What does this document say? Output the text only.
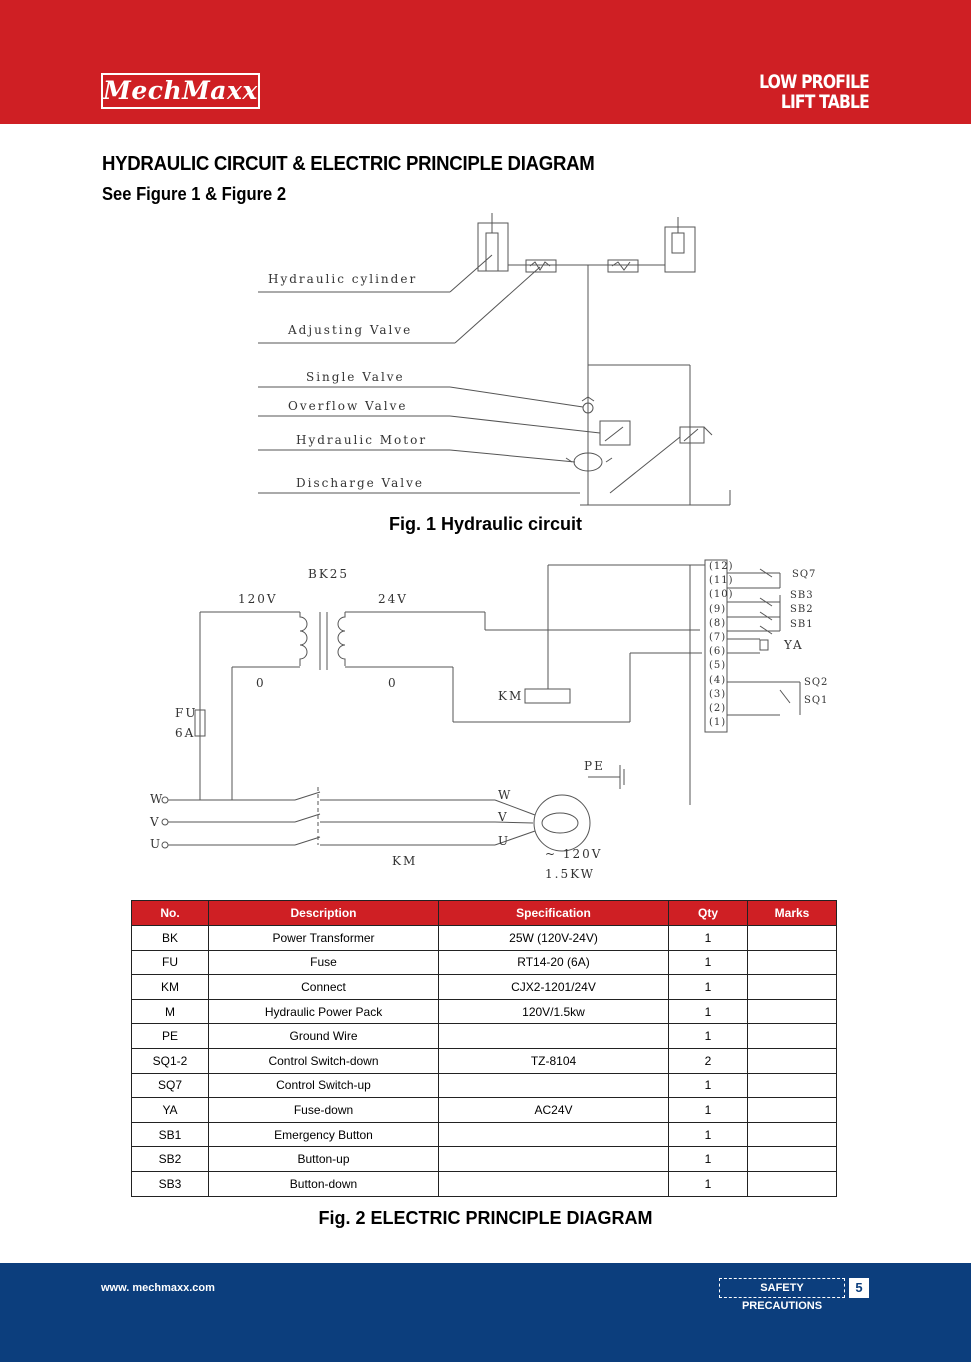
MechMaxx	LOW PROFILE
LIFT TABLE
HYDRAULIC CIRCUIT & ELECTRIC PRINCIPLE DIAGRAM
See Figure 1 & Figure 2
Hydraulic cylinder
Adjusting Valve
Single Valve
Overflow Valve
Hydraulic Motor
Discharge Valve
Fig. 1 Hydraulic circuit
BK25
120V	24V
0	0
FU
6A
KM
KM
PE
W
V
U
W
V
U
~ 120V
1.5KW
(12)
(11)
(10)
(9)
(8)
(7)
(6)
(5)
(4)
(3)
(2)
(1)
SQ7
SB3
SB2
SB1
YA
SQ2
SQ1
No.	Description	Specification	Qty	Marks
BK	Power Transformer	25W (120V-24V)	1	
FU	Fuse	RT14-20 (6A)	1	
KM	Connect	CJX2-1201/24V	1	
M	Hydraulic Power Pack	120V/1.5kw	1	
PE	Ground Wire		1	
SQ1-2	Control Switch-down	TZ-8104	2	
SQ7	Control Switch-up		1	
YA	Fuse-down	AC24V	1	
SB1	Emergency Button		1	
SB2	Button-up		1	
SB3	Button-down		1	
Fig. 2 ELECTRIC PRINCIPLE DIAGRAM
www. mechmaxx.com	SAFETY PRECAUTIONS
5
